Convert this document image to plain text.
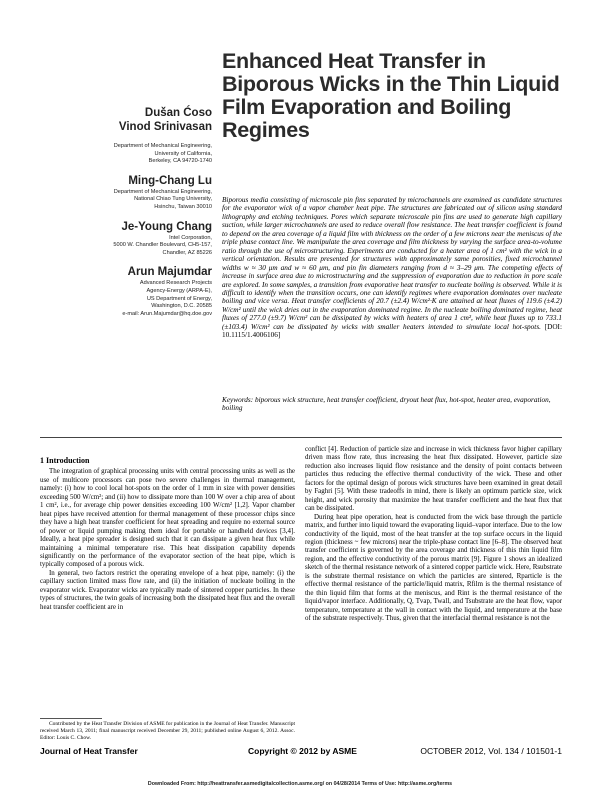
Enhanced Heat Transfer in Biporous Wicks in the Thin Liquid Film Evaporation and Boiling Regimes

Dušan Ćoso

Vinod Srinivasan

Department of Mechanical Engineering,

University of California,

Berkeley, CA 94720-1740

Ming-Chang Lu

Department of Mechanical Engineering,

National Chiao Tung University,

Hsinchu, Taiwan 30010

Je-Young Chang

Intel Corporation,

5000 W. Chandler Boulevard, CH5-157,

Chandler, AZ 85226

Arun Majumdar

Advanced Research Projects

Agency-Energy (ARPA-E),

US Department of Energy,

Washington, D.C. 20585

e-mail: Arun.Majumdar@hq.doe.gov

Biporous media consisting of microscale pin fins separated by microchannels are examined as candidate structures for the evaporator wick of a vapor chamber heat pipe. The structures are fabricated out of silicon using standard lithography and etching techniques. Pores which separate microscale pin fins are used to generate high capillary suction, while larger microchannels are used to reduce overall flow resistance. The heat transfer coefficient is found to depend on the area coverage of a liquid film with thickness on the order of a few microns near the meniscus of the triple phase contact line. We manipulate the area coverage and film thickness by varying the surface area-to-volume ratio through the use of microstructuring. Experiments are conducted for a heater area of 1 cm² with the wick in a vertical orientation. Results are presented for structures with approximately same porosities, fixed microchannel widths w ≈ 30 μm and w ≈ 60 μm, and pin fin diameters ranging from d ≈ 3–29 μm. The competing effects of increase in surface area due to microstructuring and the suppression of evaporation due to reduction in pore scale are explored. In some samples, a transition from evaporative heat transfer to nucleate boiling is observed. While it is difficult to identify when the transition occurs, one can identify regimes where evaporation dominates over nucleate boiling and vice versa. Heat transfer coefficients of 20.7 (±2.4) W/cm²·K are attained at heat fluxes of 119.6 (±4.2) W/cm² until the wick dries out in the evaporation dominated regime. In the nucleate boiling dominated regime, heat fluxes of 277.0 (±9.7) W/cm² can be dissipated by wicks with heaters of area 1 cm², while heat fluxes up to 733.1 (±103.4) W/cm² can be dissipated by wicks with smaller heaters intended to simulate local hot-spots. [DOI: 10.1115/1.4006106]
Keywords: biporous wick structure, heat transfer coefficient, dryout heat flux, hot-spot, heater area, evaporation, boiling
1 Introduction

The integration of graphical processing units with central processing units as well as the use of multicore processors can pose two severe challenges in thermal management, namely: (i) how to cool local hot-spots on the order of 1 mm in size with power densities exceeding 500 W/cm²; and (ii) how to dissipate more than 100 W over a chip area of about 1 cm², i.e., for average chip power densities exceeding 100 W/cm² [1,2]. Vapor chamber heat pipes have received attention for thermal management of these processor chips since they have a high heat transfer coefficient for heat spreading and require no external source of power or liquid pumping making them ideal for portable or handheld devices [3,4]. Ideally, a heat pipe spreader is designed such that it can dissipate a given heat flux while maintaining a minimal temperature rise. This heat dissipation capability depends significantly on the performance of the evaporator section of the heat pipe, which is typically composed of a porous wick.

In general, two factors restrict the operating envelope of a heat pipe, namely: (i) the capillary suction limited mass flow rate, and (ii) the initiation of nucleate boiling in the evaporator wick. Evaporator wicks are typically made of sintered copper particles. In these types of structures, the twin goals of increasing both the dissipated heat flux and the overall heat transfer coefficient are in

conflict [4]. Reduction of particle size and increase in wick thickness favor higher capillary driven mass flow rate, thus increasing the heat flux dissipated. However, particle size reduction also increases liquid flow resistance and the density of point contacts between particles thus reducing the effective thermal conductivity of the wick. These and other factors for the optimal design of porous wick structures have been examined in great detail by Faghri [5]. With these tradeoffs in mind, there is likely an optimum particle size, wick height, and wick porosity that maximize the heat transfer coefficient and the heat flux that can be dissipated.

During heat pipe operation, heat is conducted from the wick base through the particle matrix, and further into liquid toward the evaporating liquid–vapor interface. Due to the low conductivity of the liquid, most of the heat transfer at the top surface occurs in the liquid region (thickness ~ few microns) near the triple-phase contact line [6–8]. The observed heat transfer coefficient is governed by the area coverage and thickness of this thin liquid film region, and the effective conductivity of the porous matrix [9]. Figure 1 shows an idealized sketch of the thermal resistance network of a sintered copper particle wick. Here, Rsubstrate is the substrate thermal resistance on which the particles are sintered, Rparticle is the effective thermal resistance of the particle/liquid matrix, Rfilm is the thermal resistance of the thin liquid film that forms at the meniscus, and Rint is the thermal resistance of the liquid/vapor interface. Additionally, Q, Tvap, Twall, and Tsubstrate are the heat flow, vapor temperature, temperature at the wall in contact with the liquid, and temperature at the base of the substrate respectively. Thus, given that the interfacial thermal resistance is not the

Contributed by the Heat Transfer Division of ASME for publication in the Journal of Heat Transfer. Manuscript received March 13, 2011; final manuscript received December 29, 2011; published online August 6, 2012. Assoc. Editor: Louis C. Chow.

Journal of Heat Transfer	Copyright © 2012 by ASME	OCTOBER 2012, Vol. 134 / 101501-1
Downloaded From: http://heattransfer.asmedigitalcollection.asme.org/ on 04/28/2014 Terms of Use: http://asme.org/terms
